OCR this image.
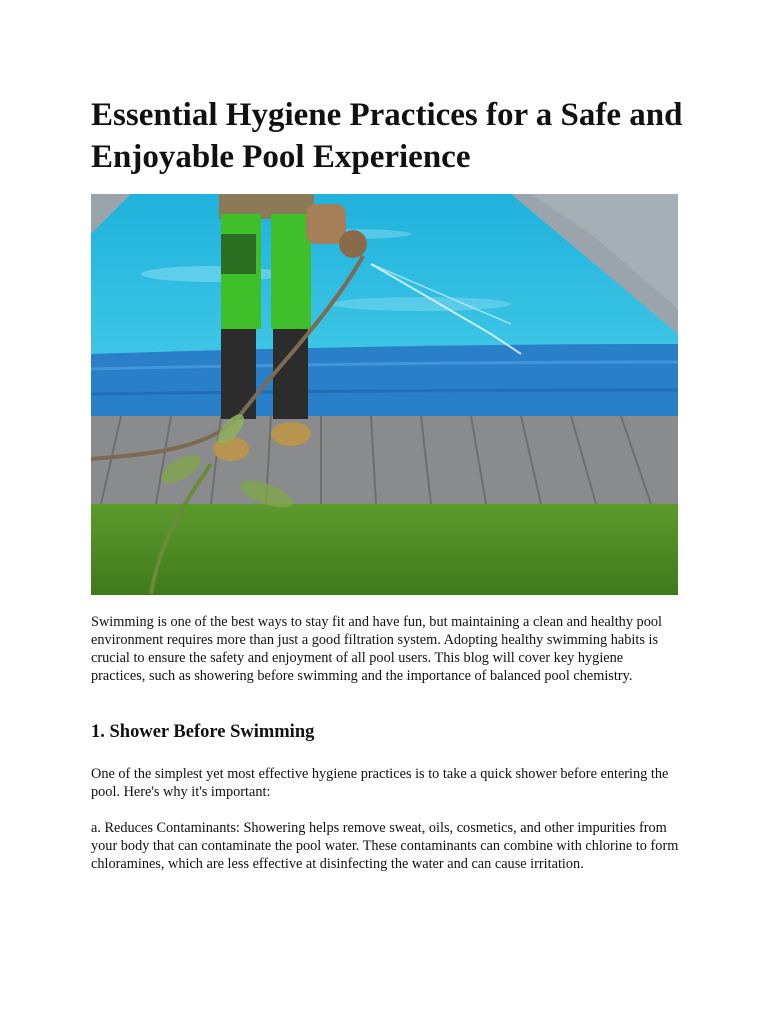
Essential Hygiene Practices for a Safe and Enjoyable Pool Experience

Swimming is one of the best ways to stay fit and have fun, but maintaining a clean and healthy pool environment requires more than just a good filtration system. Adopting healthy swimming habits is crucial to ensure the safety and enjoyment of all pool users. This blog will cover key hygiene practices, such as showering before swimming and the importance of balanced pool chemistry.

1. Shower Before Swimming

One of the simplest yet most effective hygiene practices is to take a quick shower before entering the pool. Here's why it's important:

a. Reduces Contaminants: Showering helps remove sweat, oils, cosmetics, and other impurities from your body that can contaminate the pool water. These contaminants can combine with chlorine to form chloramines, which are less effective at disinfecting the water and can cause irritation.
